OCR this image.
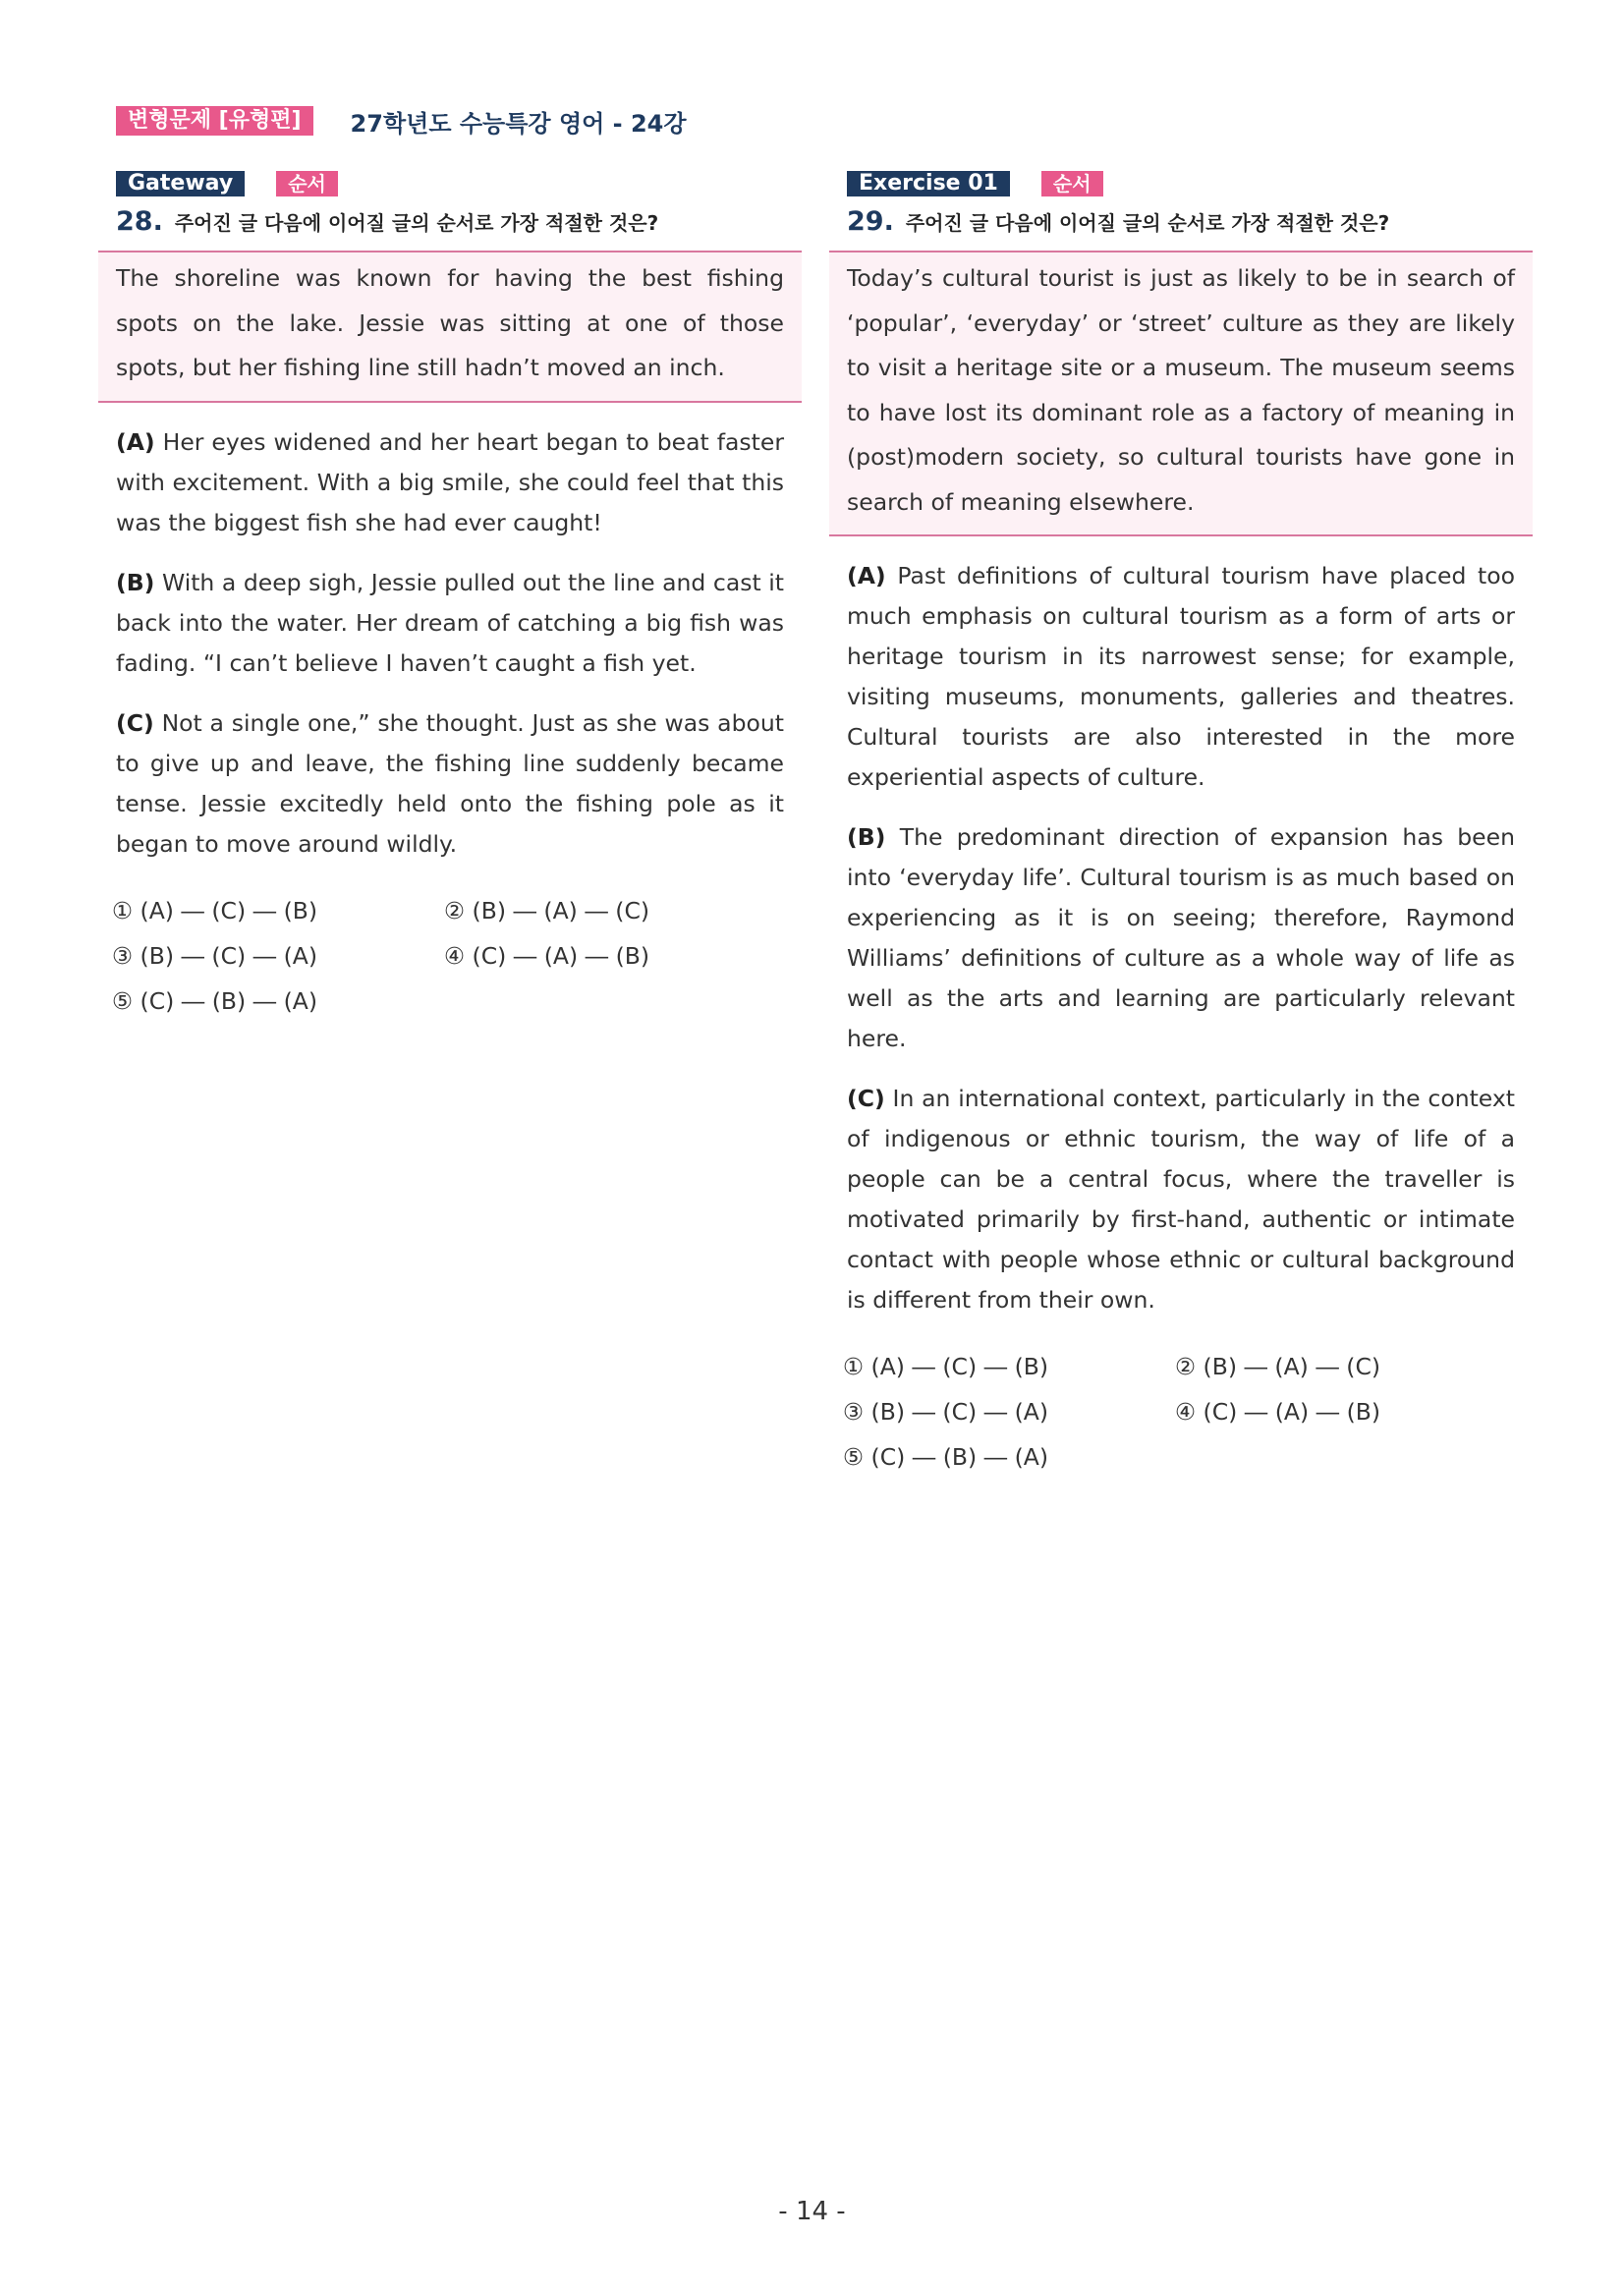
변형문제 [유형편]	27학년도 수능특강 영어 - 24강
Gateway	순서
28. 주어진 글 다음에 이어질 글의 순서로 가장 적절한 것은?
The shoreline was known for having the best fishing spots on the lake. Jessie was sitting at one of those spots, but her fishing line still hadn’t moved an inch.

(A) Her eyes widened and her heart began to beat faster with excitement. With a big smile, she could feel that this was the biggest fish she had ever caught!

(B) With a deep sigh, Jessie pulled out the line and cast it back into the water. Her dream of catching a big fish was fading. “I can’t believe I haven’t caught a fish yet.

(C) Not a single one,” she thought. Just as she was about to give up and leave, the fishing line suddenly became tense. Jessie excitedly held onto the fishing pole as it began to move around wildly.

① (A) ― (C) ― (B)	② (B) ― (A) ― (C)
③ (B) ― (C) ― (A)	④ (C) ― (A) ― (B)
⑤ (C) ― (B) ― (A)
Exercise 01	순서
29. 주어진 글 다음에 이어질 글의 순서로 가장 적절한 것은?
Today’s cultural tourist is just as likely to be in search of ‘popular’, ‘everyday’ or ‘street’ culture as they are likely to visit a heritage site or a museum. The museum seems to have lost its dominant role as a factory of meaning in (post)modern society, so cultural tourists have gone in search of meaning elsewhere.

(A) Past definitions of cultural tourism have placed too much emphasis on cultural tourism as a form of arts or heritage tourism in its narrowest sense; for example, visiting museums, monuments, galleries and theatres. Cultural tourists are also interested in the more experiential aspects of culture.

(B) The predominant direction of expansion has been into ‘everyday life’. Cultural tourism is as much based on experiencing as it is on seeing; therefore, Raymond Williams’ definitions of culture as a whole way of life as well as the arts and learning are particularly relevant here.

(C) In an international context, particularly in the context of indigenous or ethnic tourism, the way of life of a people can be a central focus, where the traveller is motivated primarily by first-hand, authentic or intimate contact with people whose ethnic or cultural background is different from their own.

① (A) ― (C) ― (B)	② (B) ― (A) ― (C)
③ (B) ― (C) ― (A)	④ (C) ― (A) ― (B)
⑤ (C) ― (B) ― (A)
- 14 -
